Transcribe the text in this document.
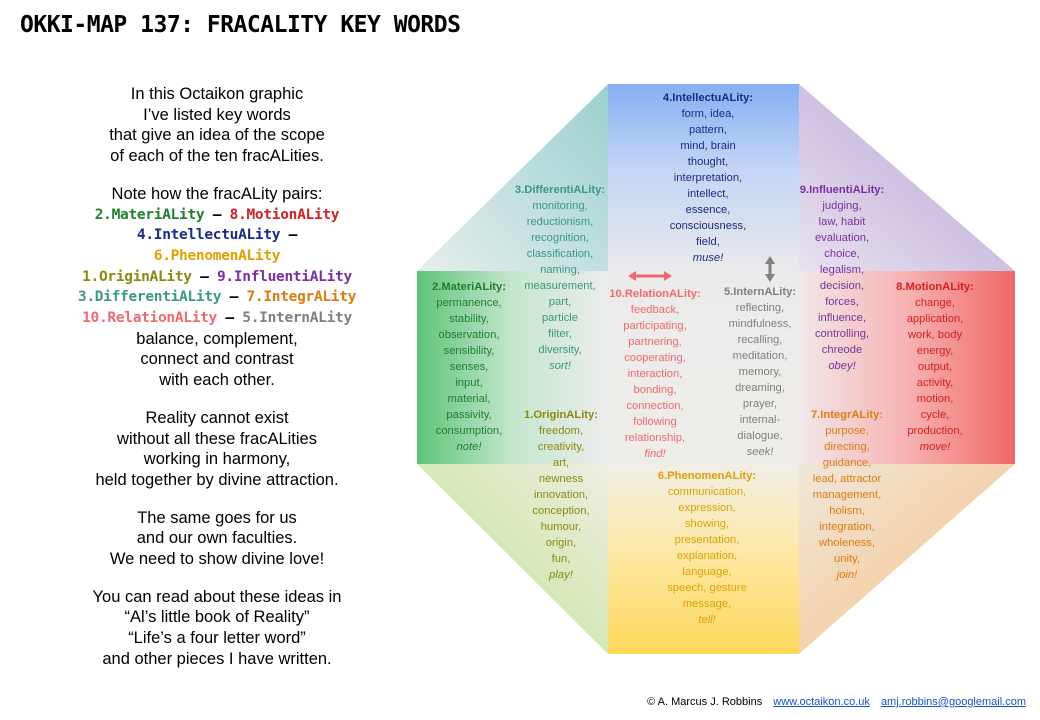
OKKI-MAP 137: FRACALITY KEY WORDS
In this Octaikon graphic
I’ve listed key words
that give an idea of the scope
of each of the ten fracALities.
Note how the fracALity pairs:
2.MateriALity – 8.MotionALity
4.IntellectuALity –
6.PhenomenALity
1.OriginALity – 9.InfluentiALity
3.DifferentiALity – 7.IntegrALity
10.RelationALity – 5.InternALity
balance, complement,
connect and contrast
with each other.
Reality cannot exist
without all these fracALities
working in harmony,
held together by divine attraction.
The same goes for us
and our own faculties.
We need to show divine love!
You can read about these ideas in
“Al’s little book of Reality”
“Life’s a four letter word”
and other pieces I have written.
4.IntellectuALity:
form, idea,
pattern,
mind, brain
thought,
interpretation,
intellect,
essence,
consciousness,
field,
muse!
3.DifferentiALity:
monitoring,
reductionism,
recognition,
classification,
naming,
measurement,
part,
particle
filter,
diversity,
sort!
9.InfluentiALity:
judging,
law, habit
evaluation,
choice,
legalism,
decision,
forces,
influence,
controlling,
chreode
obey!
2.MateriALity:
permanence,
stability,
observation,
sensibility,
senses,
input,
material,
passivity,
consumption,
note!
10.RelationALity:
feedback,
participating,
partnering,
cooperating,
interaction,
bonding,
connection,
following
relationship,
find!
5.InternALity:
reflecting,
mindfulness,
recalling,
meditation,
memory,
dreaming,
prayer,
internal-
dialogue,
seek!
8.MotionALity:
change,
application,
work, body
energy,
output,
activity,
motion,
cycle,
production,
move!
1.OriginALity:
freedom,
creativity,
art,
newness
innovation,
conception,
humour,
origin,
fun,
play!
7.IntegrALity:
purpose,
directing,
guidance,
lead, attractor
management,
holism,
integration,
wholeness,
unity,
join!
6.PhenomenALity:
communication,
expression,
showing,
presentation,
explanation,
language,
speech, gesture
message,
tell!
© A. Marcus J. Robbins www.octaikon.co.uk amj.robbins@googlemail.com
